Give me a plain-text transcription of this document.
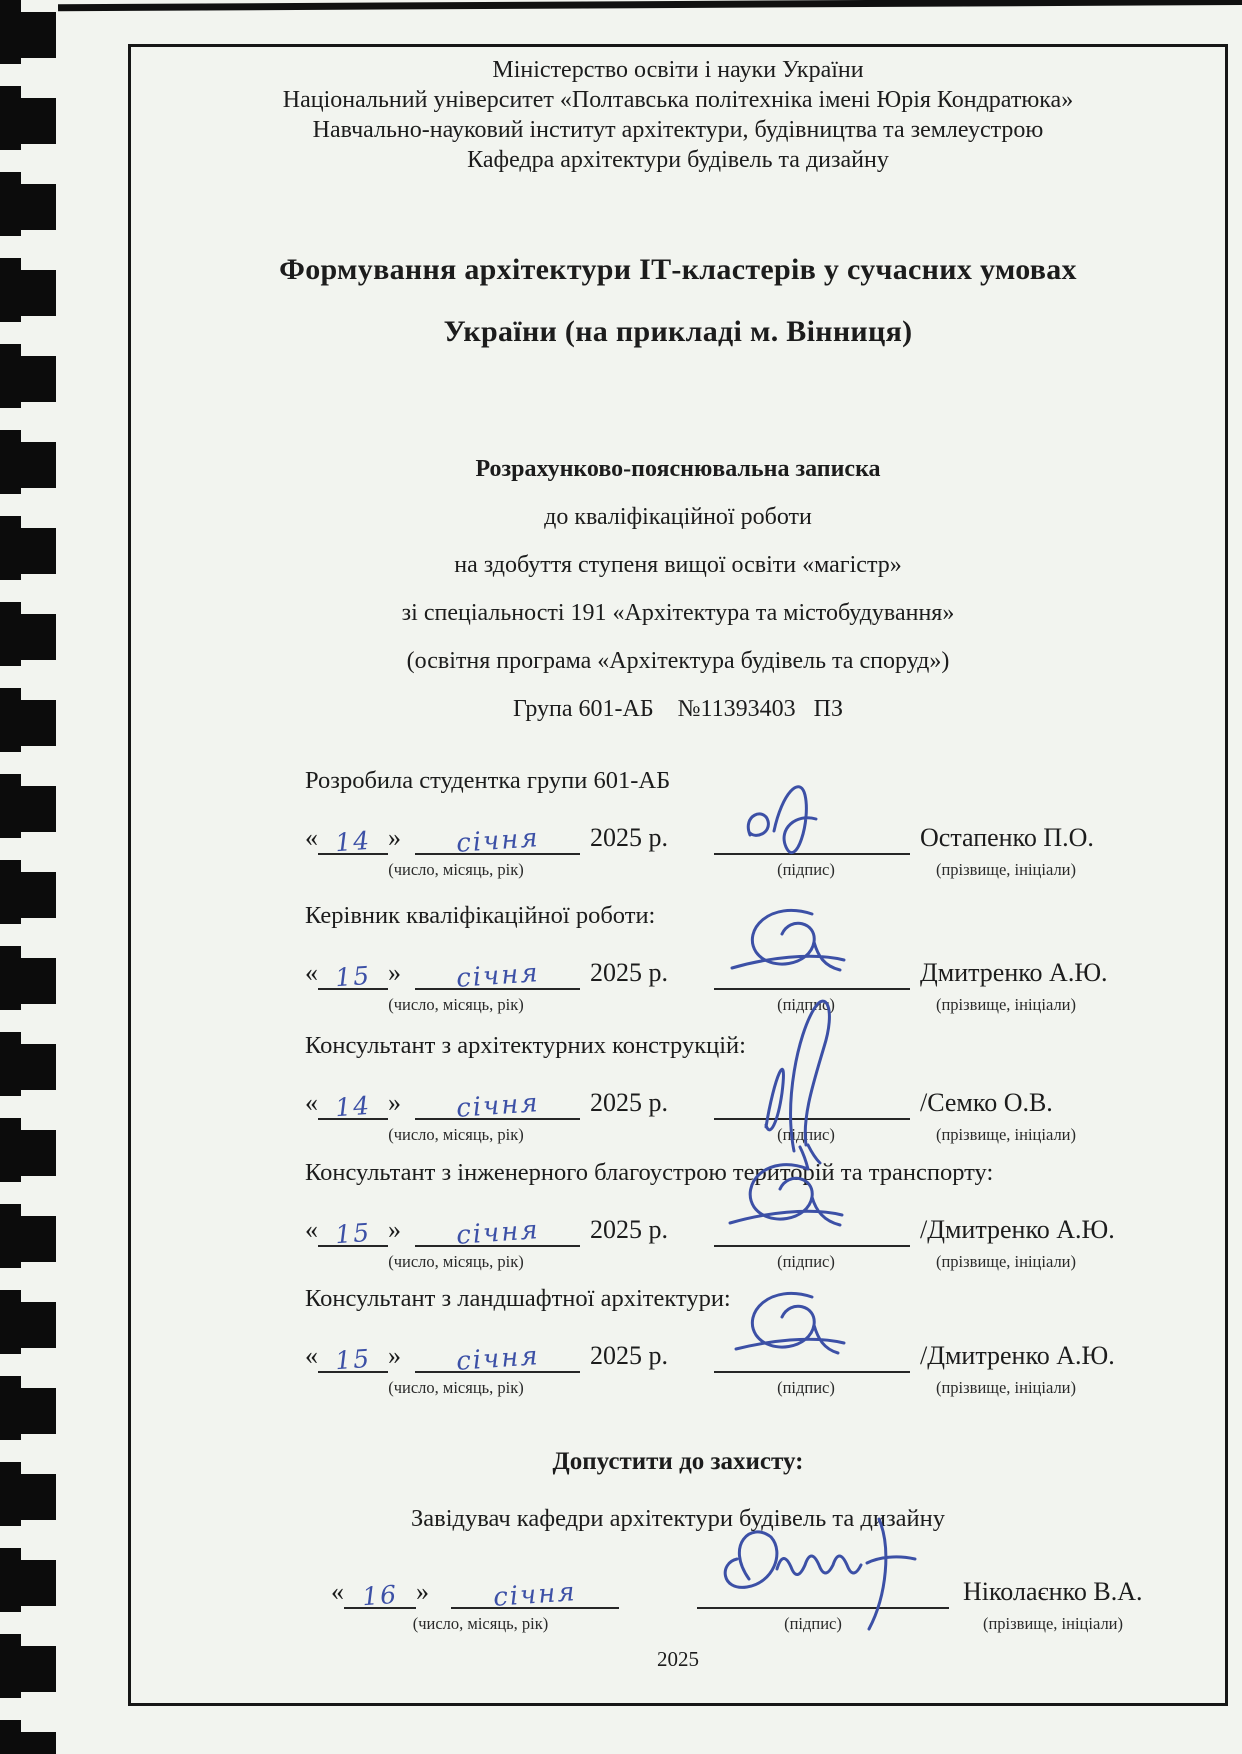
Міністерство освіти і науки України
Національний університет «Полтавська політехніка імені Юрія Кондратюка»
Навчально-науковий інститут архітектури, будівництва та землеустрою
Кафедра архітектури будівель та дизайну
Формування архітектури ІТ-кластерів у сучасних умовах
України (на прикладі м. Вінниця)
Розрахунково-пояснювальна записка
до кваліфікаційної роботи
на здобуття ступеня вищої освіти «магістр»
зі спеціальності 191 «Архітектура та містобудування»
(освітня програма «Архітектура будівель та споруд»)
Група 601-АБ    №11393403   ПЗ
Розробила студентка групи 601-АБ
« 14 » січня 2025 р.	Остапенко П.О.
(число, місяць, рік)	(підпис)	(прізвище, ініціали)
Керівник кваліфікаційної роботи:
« 15 » січня 2025 р.	Дмитренко А.Ю.
(число, місяць, рік)	(підпис)	(прізвище, ініціали)
Консультант з архітектурних конструкцій:
« 14 » січня 2025 р.	/Семко О.В.
(число, місяць, рік)	(підпис)	(прізвище, ініціали)
Консультант з інженерного благоустрою територій та транспорту:
« 15 » січня 2025 р.	/Дмитренко А.Ю.
(число, місяць, рік)	(підпис)	(прізвище, ініціали)
Консультант з ландшафтної архітектури:
« 15 » січня 2025 р.	/Дмитренко А.Ю.
(число, місяць, рік)	(підпис)	(прізвище, ініціали)
Допустити до захисту:
Завідувач кафедри архітектури будівель та дизайну
« 16 » січня	Ніколаєнко В.А.
(число, місяць, рік)	(підпис)	(прізвище, ініціали)
2025
